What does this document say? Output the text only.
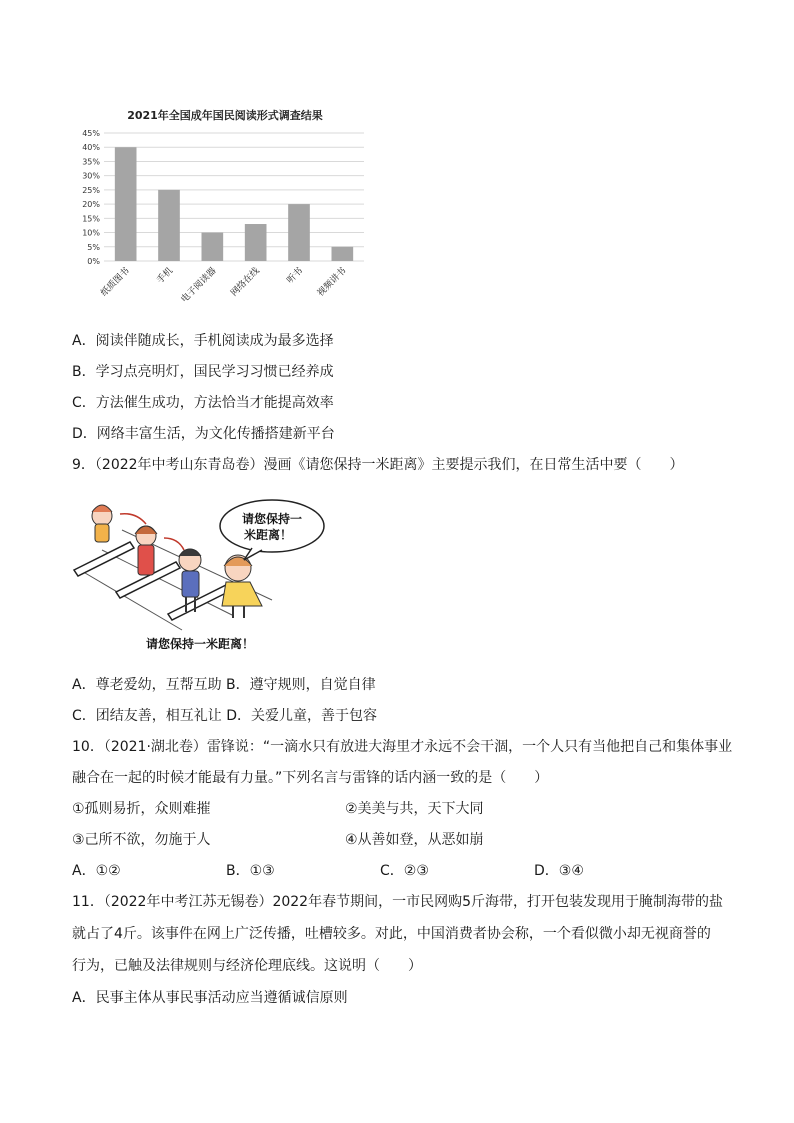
2021年全国成年国民阅读形式调查结果
0%
5%
10%
15%
20%
25%
30%
35%
40%
45%
纸质图书	手机 电子阅读器 网络在线	听书 视频讲书
A．阅读伴随成长，手机阅读成为最多选择
B．学习点亮明灯，国民学习习惯已经养成
C．方法催生成功，方法恰当才能提高效率
D．网络丰富生活，为文化传播搭建新平台
9．（2022年中考山东青岛卷）漫画《请您保持一米距离》主要提示我们，在日常生活中要（　　）
请您保持一
米距离！
请您保持一米距离！
A．尊老爱幼，互帮互助 B．遵守规则，自觉自律
C．团结友善，相互礼让 D．关爱儿童，善于包容
10．（2021·湖北卷）雷锋说：“一滴水只有放进大海里才永远不会干涸，一个人只有当他把自己和集体事业
融合在一起的时候才能最有力量。”下列名言与雷锋的话内涵一致的是（　　）
①孤则易折，众则难摧	②美美与共，天下大同
③己所不欲，勿施于人	④从善如登，从恶如崩
A．①②	B．①③	C．②③	D．③④
11．（2022年中考江苏无锡卷）2022年春节期间，一市民网购5斤海带，打开包装发现用于腌制海带的盐
就占了4斤。该事件在网上广泛传播，吐槽较多。对此，中国消费者协会称，一个看似微小却无视商誉的
行为，已触及法律规则与经济伦理底线。这说明（　　）
A．民事主体从事民事活动应当遵循诚信原则
